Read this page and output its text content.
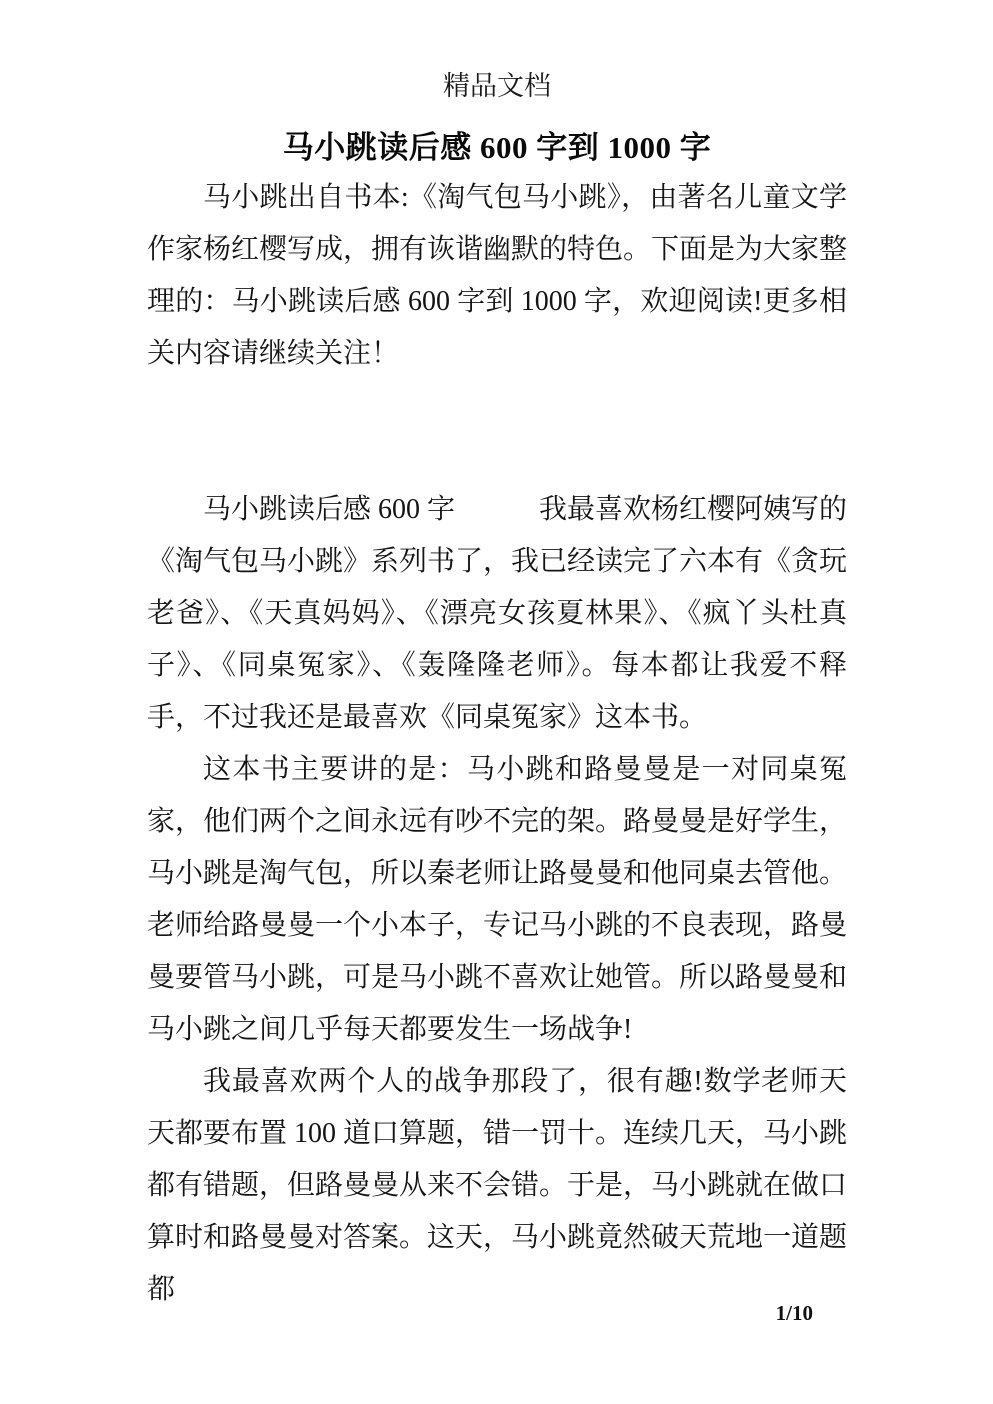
精品文档
马小跳读后感 600 字到 1000 字

马小跳出自书本:《淘气包马小跳》，由著名儿童文学作家杨红樱写成，拥有诙谐幽默的特色。下面是为大家整理的：马小跳读后感 600 字到 1000 字，欢迎阅读!更多相关内容请继续关注！

马小跳读后感 600 字　　　我最喜欢杨红樱阿姨写的《淘气包马小跳》系列书了，我已经读完了六本有《贪玩老爸》、《天真妈妈》、《漂亮女孩夏林果》、《疯丫头杜真子》、《同桌冤家》、《轰隆隆老师》。每本都让我爱不释手，不过我还是最喜欢《同桌冤家》这本书。

这本书主要讲的是：马小跳和路曼曼是一对同桌冤家，他们两个之间永远有吵不完的架。路曼曼是好学生，马小跳是淘气包，所以秦老师让路曼曼和他同桌去管他。老师给路曼曼一个小本子，专记马小跳的不良表现，路曼曼要管马小跳，可是马小跳不喜欢让她管。所以路曼曼和马小跳之间几乎每天都要发生一场战争!

我最喜欢两个人的战争那段了，很有趣!数学老师天天都要布置 100 道口算题，错一罚十。连续几天，马小跳都有错题，但路曼曼从来不会错。于是，马小跳就在做口算时和路曼曼对答案。这天，马小跳竟然破天荒地一道题都

1/10
